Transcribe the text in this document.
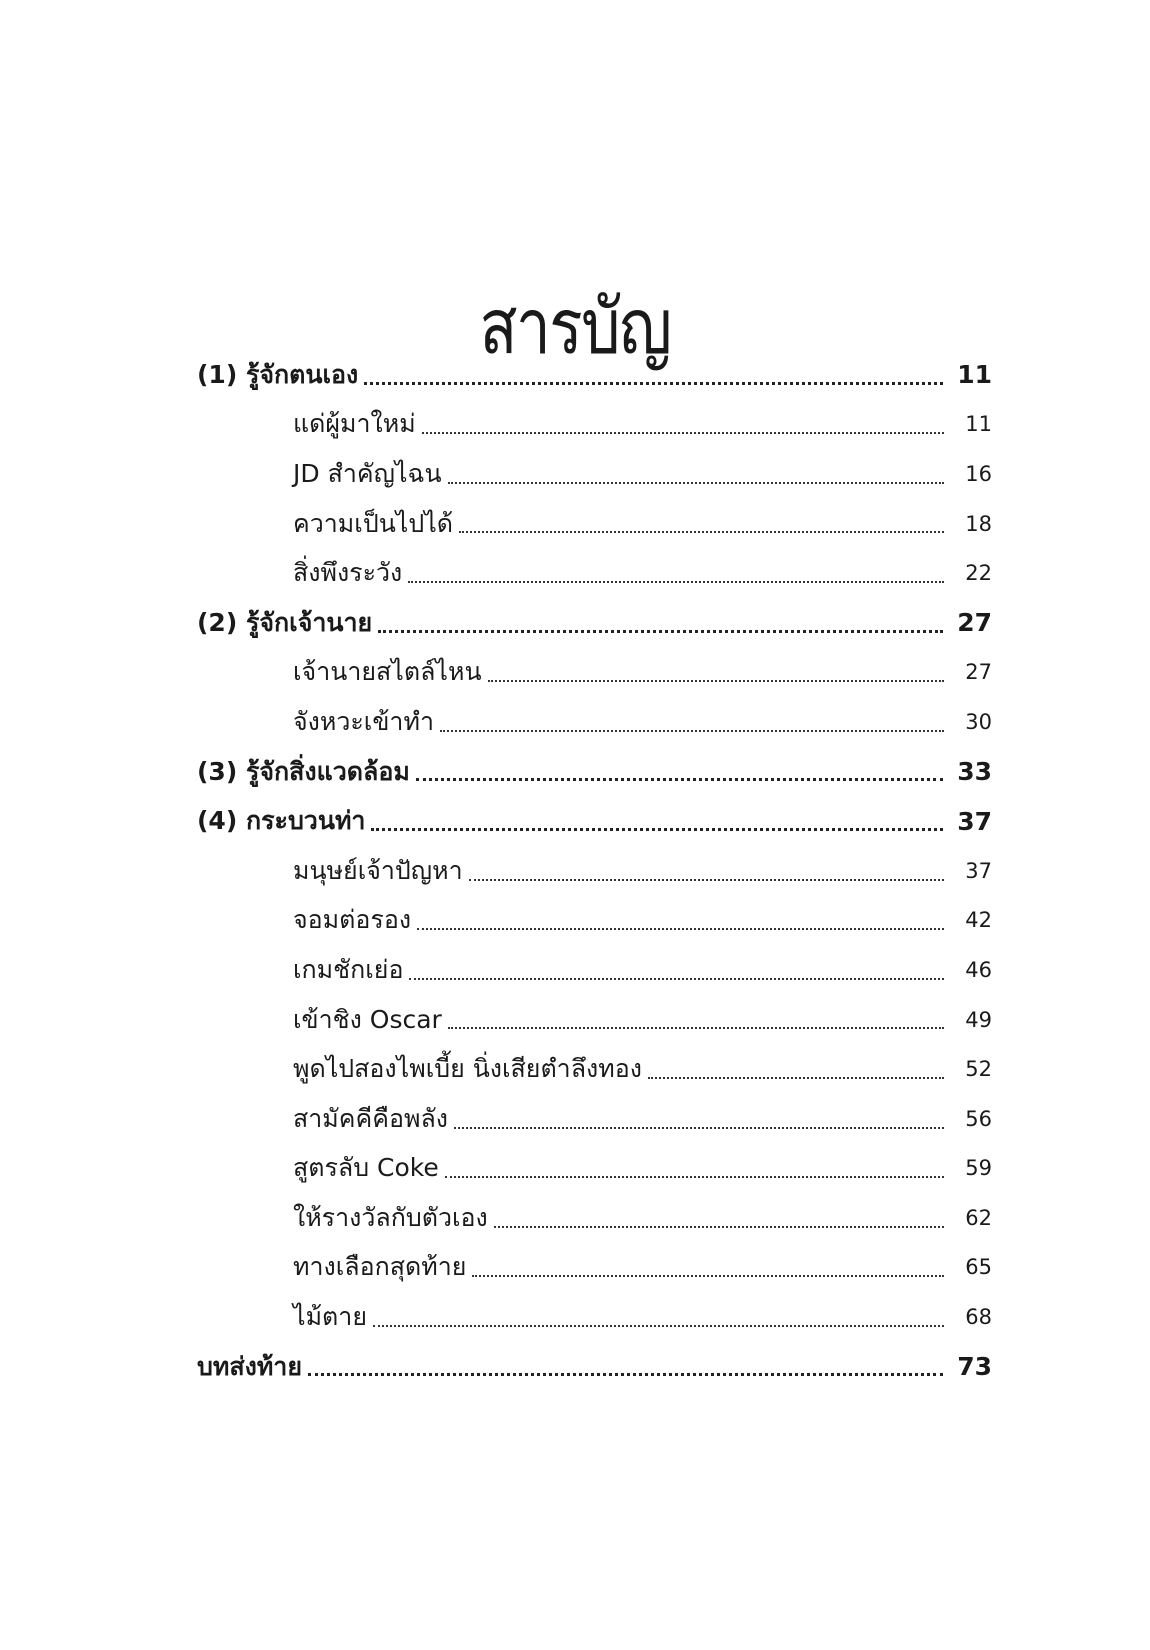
สารบัญ
(1) รู้จักตนเอง	11
แด่ผู้มาใหม่	11
JD สำคัญไฉน	16
ความเป็นไปได้	18
สิ่งพึงระวัง	22
(2) รู้จักเจ้านาย	27
เจ้านายสไตล์ไหน	27
จังหวะเข้าทำ	30
(3) รู้จักสิ่งแวดล้อม	33
(4) กระบวนท่า	37
มนุษย์เจ้าปัญหา	37
จอมต่อรอง	42
เกมชักเย่อ	46
เข้าชิง Oscar	49
พูดไปสองไพเบี้ย นิ่งเสียตำลึงทอง	52
สามัคคีคือพลัง	56
สูตรลับ Coke	59
ให้รางวัลกับตัวเอง	62
ทางเลือกสุดท้าย	65
ไม้ตาย	68
บทส่งท้าย	73
